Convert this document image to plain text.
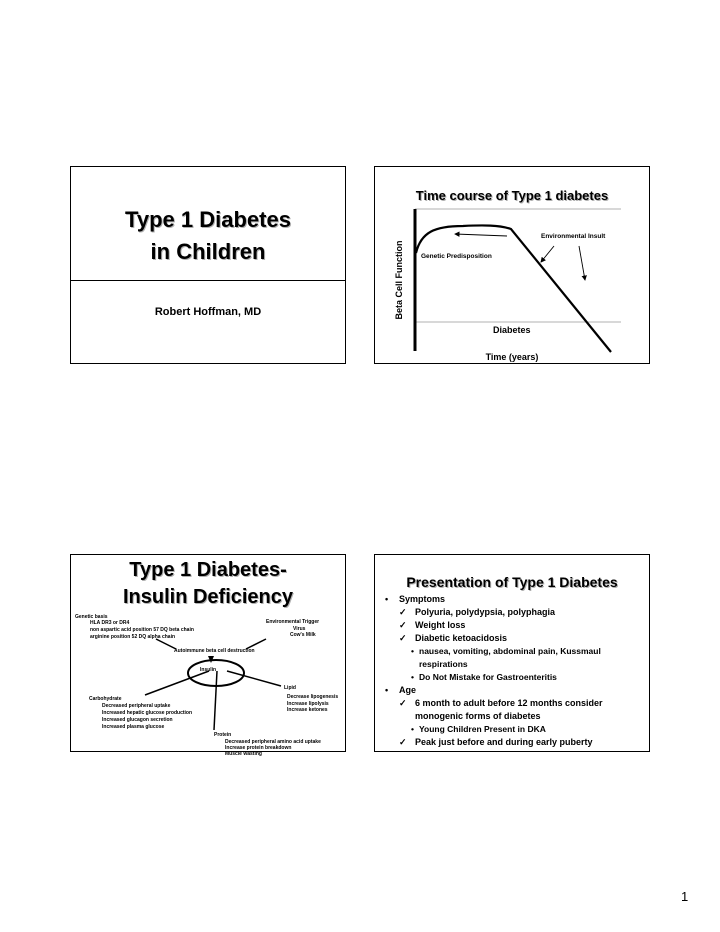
Type 1 Diabetes
in Children
Robert Hoffman, MD
Time course of Type 1 diabetes
Beta Cell Function
Environmental Insult
Genetic Predisposition
Diabetes
Time (years)
Type 1 Diabetes-
Insulin Deficiency
Genetic basis
HLA DR3 or DR4
non aspartic acid position 57 DQ beta chain
arginine position 52 DQ alpha chain
Environmental Trigger
Virus
Cow's Milk
Autoimmune beta cell destruction
Insulin
Lipid
Decrease lipogenesis
Increase lipolysis
Increase ketones
Carbohydrate
Decreased peripheral uptake
Increased hepatic glucose production
Increased glucagon secretion
Increased plasma glucose
Protein
Decreased peripheral amino acid uptake
Increase protein breakdown
Muscle wasting
Presentation of Type 1 Diabetes
• Symptoms
✓ Polyuria, polydypsia, polyphagia
✓ Weight loss
✓ Diabetic ketoacidosis
• nausea, vomiting, abdominal pain, Kussmaul respirations
• Do Not Mistake for Gastroenteritis
• Age
✓ 6 month to adult before 12 months consider monogenic forms of diabetes
• Young Children Present in DKA
✓ Peak just before and during early puberty
1
